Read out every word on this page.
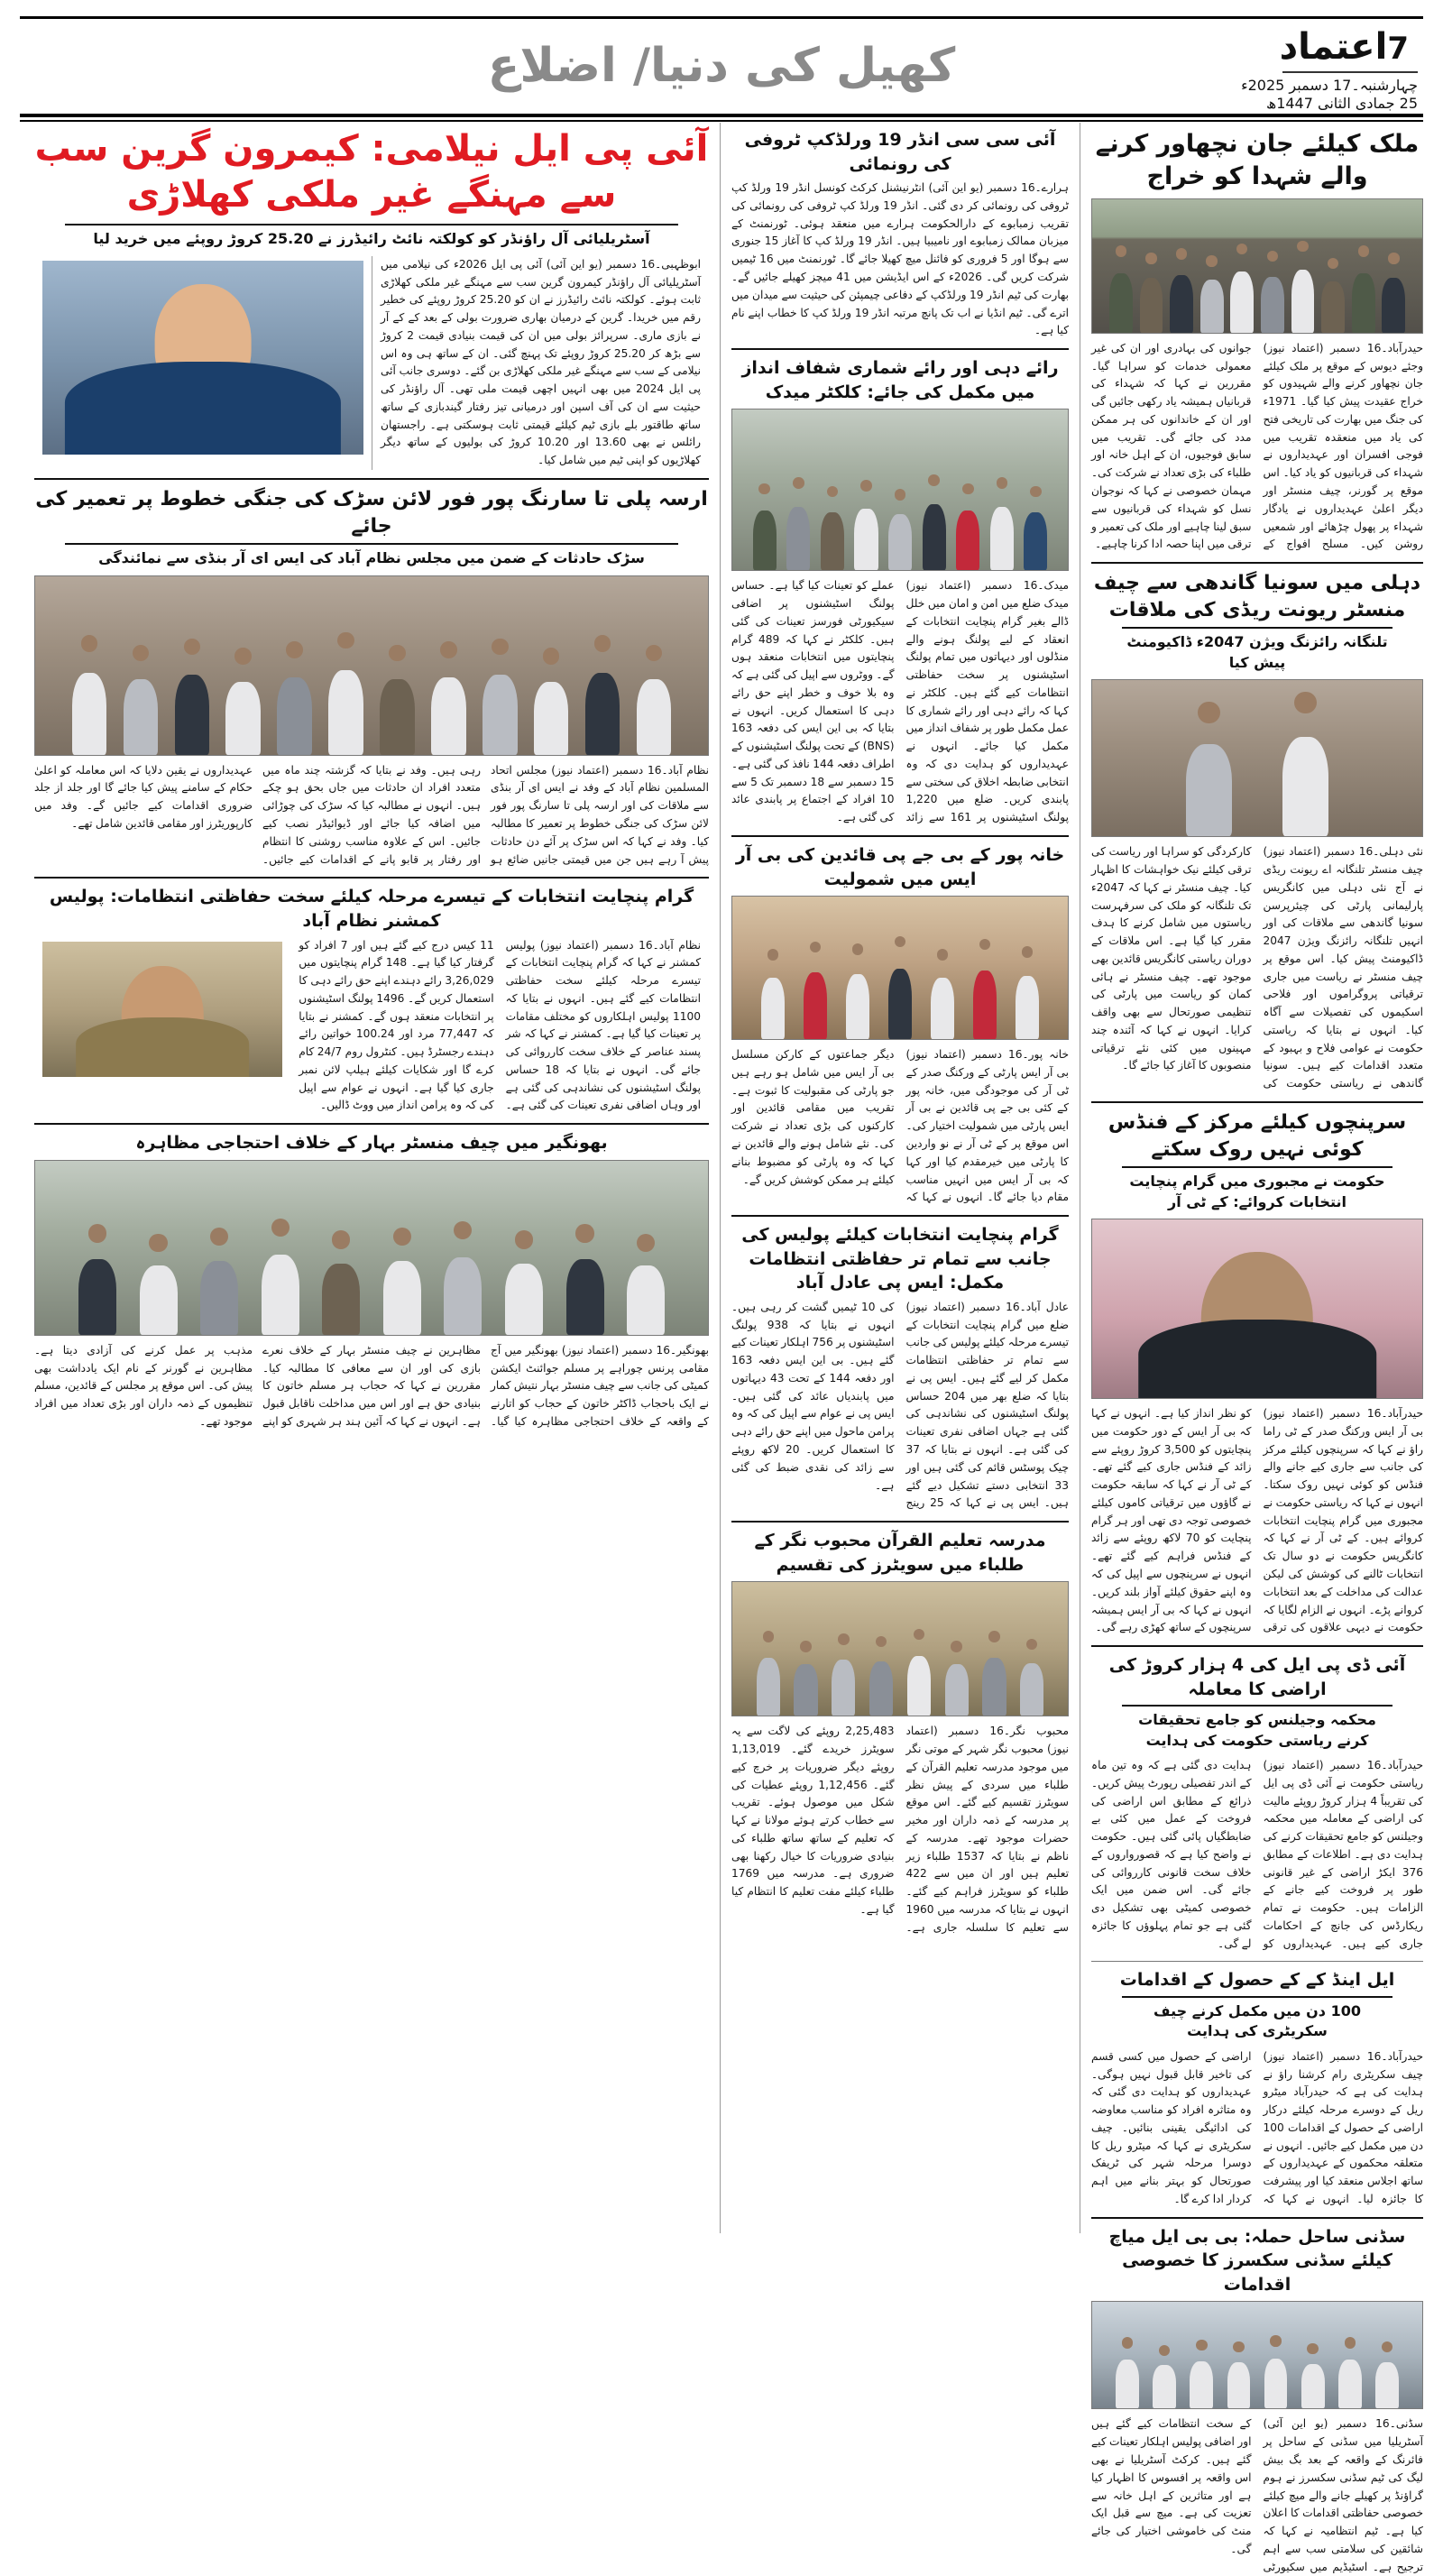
7اعتماد
چہارشنبہ۔17 دسمبر 2025ء
25 جمادی الثانی 1447ھ
کھیل کی دنیا/ اضلاع
ملک کیلئے جان نچھاور کرنے والے شہدا کو خراج
حیدرآباد۔16 دسمبر (اعتماد نیوز) وجئے دیوس کے موقع پر ملک کیلئے جان نچھاور کرنے والے شہیدوں کو خراج عقیدت پیش کیا گیا۔ 1971ء کی جنگ میں بھارت کی تاریخی فتح کی یاد میں منعقدہ تقریب میں فوجی افسران اور عہدیداروں نے شہداء کی قربانیوں کو یاد کیا۔ اس موقع پر گورنر، چیف منسٹر اور دیگر اعلیٰ عہدیداروں نے یادگار شہداء پر پھول چڑھائے اور شمعیں روشن کیں۔ مسلح افواج کے جوانوں کی بہادری اور ان کی غیر معمولی خدمات کو سراہا گیا۔ مقررین نے کہا کہ شہداء کی قربانیاں ہمیشہ یاد رکھی جائیں گی اور ان کے خاندانوں کی ہر ممکن مدد کی جائے گی۔ تقریب میں سابق فوجیوں، ان کے اہل خانہ اور طلباء کی بڑی تعداد نے شرکت کی۔ مہمان خصوصی نے کہا کہ نوجوان نسل کو شہداء کی قربانیوں سے سبق لینا چاہیے اور ملک کی تعمیر و ترقی میں اپنا حصہ ادا کرنا چاہیے۔
دہلی میں سونیا گاندھی سے چیف منسٹر ریونت ریڈی کی ملاقات
تلنگانہ رائزنگ ویژن 2047ء ڈاکیومنٹ پیش کیا
نئی دہلی۔16 دسمبر (اعتماد نیوز) چیف منسٹر تلنگانہ اے ریونت ریڈی نے آج نئی دہلی میں کانگریس پارلیمانی پارٹی کی چیئرپرسن سونیا گاندھی سے ملاقات کی اور انہیں تلنگانہ رائزنگ ویژن 2047 ڈاکیومنٹ پیش کیا۔ اس موقع پر چیف منسٹر نے ریاست میں جاری ترقیاتی پروگراموں اور فلاحی اسکیموں کی تفصیلات سے آگاہ کیا۔ انہوں نے بتایا کہ ریاستی حکومت نے عوامی فلاح و بہبود کے متعدد اقدامات کیے ہیں۔ سونیا گاندھی نے ریاستی حکومت کی کارکردگی کو سراہا اور ریاست کی ترقی کیلئے نیک خواہشات کا اظہار کیا۔ چیف منسٹر نے کہا کہ 2047ء تک تلنگانہ کو ملک کی سرفہرست ریاستوں میں شامل کرنے کا ہدف مقرر کیا گیا ہے۔ اس ملاقات کے دوران ریاستی کانگریس قائدین بھی موجود تھے۔ چیف منسٹر نے ہائی کمان کو ریاست میں پارٹی کی تنظیمی صورتحال سے بھی واقف کرایا۔ انہوں نے کہا کہ آئندہ چند مہینوں میں کئی نئے ترقیاتی منصوبوں کا آغاز کیا جائے گا۔
سرپنچوں کیلئے مرکز کے فنڈس کوئی نہیں روک سکتے
حکومت نے مجبوری میں گرام پنچایت انتخابات کروائے: کے ٹی آر
حیدرآباد۔16 دسمبر (اعتماد نیوز) بی آر ایس ورکنگ صدر کے ٹی راما راؤ نے کہا کہ سرپنچوں کیلئے مرکز کی جانب سے جاری کیے جانے والے فنڈس کو کوئی نہیں روک سکتا۔ انہوں نے کہا کہ ریاستی حکومت نے مجبوری میں گرام پنچایت انتخابات کروائے ہیں۔ کے ٹی آر نے کہا کہ کانگریس حکومت نے دو سال تک انتخابات ٹالنے کی کوشش کی لیکن عدالت کی مداخلت کے بعد انتخابات کروانے پڑے۔ انہوں نے الزام لگایا کہ حکومت نے دیہی علاقوں کی ترقی کو نظر انداز کیا ہے۔ انہوں نے کہا کہ بی آر ایس کے دور حکومت میں پنچایتوں کو 3,500 کروڑ روپئے سے زائد کے فنڈس جاری کیے گئے تھے۔ کے ٹی آر نے کہا کہ سابقہ حکومت نے گاؤوں میں ترقیاتی کاموں کیلئے خصوصی توجہ دی تھی اور ہر گرام پنچایت کو 70 لاکھ روپئے سے زائد کے فنڈس فراہم کیے گئے تھے۔ انہوں نے سرپنچوں سے اپیل کی کہ وہ اپنے حقوق کیلئے آواز بلند کریں۔ انہوں نے کہا کہ بی آر ایس ہمیشہ سرپنچوں کے ساتھ کھڑی رہے گی۔
آئی ڈی پی ایل کی 4 ہزار کروڑ کی اراضی کا معاملہ
محکمہ وجیلنس کو جامع تحقیقات کرنے ریاستی حکومت کی ہدایت
حیدرآباد۔16 دسمبر (اعتماد نیوز) ریاستی حکومت نے آئی ڈی پی ایل کی تقریباً 4 ہزار کروڑ روپئے مالیت کی اراضی کے معاملہ میں محکمہ وجیلنس کو جامع تحقیقات کرنے کی ہدایت دی ہے۔ اطلاعات کے مطابق 376 ایکڑ اراضی کے غیر قانونی طور پر فروخت کیے جانے کے الزامات ہیں۔ حکومت نے تمام ریکارڈس کی جانچ کے احکامات جاری کیے ہیں۔ عہدیداروں کو ہدایت دی گئی ہے کہ وہ تین ماہ کے اندر تفصیلی رپورٹ پیش کریں۔ ذرائع کے مطابق اس اراضی کی فروخت کے عمل میں کئی بے ضابطگیاں پائی گئی ہیں۔ حکومت نے واضح کیا ہے کہ قصورواروں کے خلاف سخت قانونی کارروائی کی جائے گی۔ اس ضمن میں ایک خصوصی کمیٹی بھی تشکیل دی گئی ہے جو تمام پہلوؤں کا جائزہ لے گی۔
ایل اینڈ کے کے حصول کے اقدامات
100 دن میں مکمل کرنے چیف سکریٹری کی ہدایت
حیدرآباد۔16 دسمبر (اعتماد نیوز) چیف سکریٹری رام کرشنا راؤ نے ہدایت کی ہے کہ حیدرآباد میٹرو ریل کے دوسرے مرحلہ کیلئے درکار اراضی کے حصول کے اقدامات 100 دن میں مکمل کیے جائیں۔ انہوں نے متعلقہ محکموں کے عہدیداروں کے ساتھ اجلاس منعقد کیا اور پیشرفت کا جائزہ لیا۔ انہوں نے کہا کہ اراضی کے حصول میں کسی قسم کی تاخیر قابل قبول نہیں ہوگی۔ عہدیداروں کو ہدایت دی گئی کہ وہ متاثرہ افراد کو مناسب معاوضہ کی ادائیگی یقینی بنائیں۔ چیف سکریٹری نے کہا کہ میٹرو ریل کا دوسرا مرحلہ شہر کی ٹریفک صورتحال کو بہتر بنانے میں اہم کردار ادا کرے گا۔
سڈنی ساحل حملہ: بی بی ایل میاچ کیلئے سڈنی سکسرز کا خصوصی اقدامات
سڈنی۔16 دسمبر (یو این آئی) آسٹریلیا میں سڈنی کے ساحل پر فائرنگ کے واقعہ کے بعد بگ بیش لیگ کی ٹیم سڈنی سکسرز نے ہوم گراؤنڈ پر کھیلے جانے والے میچ کیلئے خصوصی حفاظتی اقدامات کا اعلان کیا ہے۔ ٹیم انتظامیہ نے کہا کہ شائقین کی سلامتی سب سے اہم ترجیح ہے۔ اسٹیڈیم میں سکیورٹی کے سخت انتظامات کیے گئے ہیں اور اضافی پولیس اہلکار تعینات کیے گئے ہیں۔ کرکٹ آسٹریلیا نے بھی اس واقعہ پر افسوس کا اظہار کیا ہے اور متاثرین کے اہل خانہ سے تعزیت کی ہے۔ میچ سے قبل ایک منٹ کی خاموشی اختیار کی جائے گی۔
آئی سی سی انڈر 19 ورلڈکپ ٹروفی کی رونمائی
ہرارے۔16 دسمبر (یو این آئی) انٹرنیشنل کرکٹ کونسل انڈر 19 ورلڈ کپ ٹروفی کی رونمائی کر دی گئی۔ انڈر 19 ورلڈ کپ ٹروفی کی رونمائی کی تقریب زمبابوے کے دارالحکومت ہرارے میں منعقد ہوئی۔ ٹورنمنٹ کے میزبان ممالک زمبابوے اور نامیبیا ہیں۔ انڈر 19 ورلڈ کپ کا آغاز 15 جنوری سے ہوگا اور 5 فروری کو فائنل میچ کھیلا جائے گا۔ ٹورنمنٹ میں 16 ٹیمیں شرکت کریں گی۔ 2026ء کے اس ایڈیشن میں 41 میچز کھیلے جائیں گے۔ بھارت کی ٹیم انڈر 19 ورلڈکپ کے دفاعی چیمپئن کی حیثیت سے میدان میں اترے گی۔ ٹیم انڈیا نے اب تک پانچ مرتبہ انڈر 19 ورلڈ کپ کا خطاب اپنے نام کیا ہے۔
رائے دہی اور رائے شماری شفاف انداز میں مکمل کی جائے: کلکٹر میدک
میدک۔16 دسمبر (اعتماد نیوز) میدک ضلع میں امن و امان میں خلل ڈالے بغیر گرام پنچایت انتخابات کے انعقاد کے لیے پولنگ ہونے والے منڈلوں اور دیہاتوں میں تمام پولنگ اسٹیشنوں پر سخت حفاظتی انتظامات کیے گئے ہیں۔ کلکٹر نے کہا کہ رائے دہی اور رائے شماری کا عمل مکمل طور پر شفاف انداز میں مکمل کیا جائے۔ انہوں نے عہدیداروں کو ہدایت دی کہ وہ انتخابی ضابطہ اخلاق کی سختی سے پابندی کریں۔ ضلع میں 1,220 پولنگ اسٹیشنوں پر 161 سے زائد عملے کو تعینات کیا گیا ہے۔ حساس پولنگ اسٹیشنوں پر اضافی سیکیورٹی فورسز تعینات کی گئی ہیں۔ کلکٹر نے کہا کہ 489 گرام پنچایتوں میں انتخابات منعقد ہوں گے۔ ووٹروں سے اپیل کی گئی ہے کہ وہ بلا خوف و خطر اپنے حق رائے دہی کا استعمال کریں۔ انہوں نے بتایا کہ بی این ایس کی دفعہ 163 (BNS) کے تحت پولنگ اسٹیشنوں کے اطراف دفعہ 144 نافذ کی گئی ہے۔ 15 دسمبر سے 18 دسمبر تک 5 سے 10 افراد کے اجتماع پر پابندی عائد کی گئی ہے۔
خانہ پور کے بی جے پی قائدین کی بی آر ایس میں شمولیت
خانہ پور۔16 دسمبر (اعتماد نیوز) بی آر ایس پارٹی کے ورکنگ صدر کے ٹی آر کی موجودگی میں، خانہ پور کے کئی بی جے پی قائدین نے بی آر ایس پارٹی میں شمولیت اختیار کی۔ اس موقع پر کے ٹی آر نے نو واردین کا پارٹی میں خیرمقدم کیا اور کہا کہ بی آر ایس میں انہیں مناسب مقام دیا جائے گا۔ انہوں نے کہا کہ دیگر جماعتوں کے کارکن مسلسل بی آر ایس میں شامل ہو رہے ہیں جو پارٹی کی مقبولیت کا ثبوت ہے۔ تقریب میں مقامی قائدین اور کارکنوں کی بڑی تعداد نے شرکت کی۔ نئے شامل ہونے والے قائدین نے کہا کہ وہ پارٹی کو مضبوط بنانے کیلئے ہر ممکن کوشش کریں گے۔
گرام پنچایت انتخابات کیلئے پولیس کی جانب سے تمام تر حفاظتی انتظامات مکمل: ایس پی عادل آباد
عادل آباد۔16 دسمبر (اعتماد نیوز) ضلع میں گرام پنچایت انتخابات کے تیسرے مرحلہ کیلئے پولیس کی جانب سے تمام تر حفاظتی انتظامات مکمل کر لیے گئے ہیں۔ ایس پی نے بتایا کہ ضلع بھر میں 204 حساس پولنگ اسٹیشنوں کی نشاندہی کی گئی ہے جہاں اضافی نفری تعینات کی گئی ہے۔ انہوں نے بتایا کہ 37 چیک پوسٹس قائم کی گئی ہیں اور 33 انتخابی دستے تشکیل دیے گئے ہیں۔ ایس پی نے کہا کہ 25 رینج کی 10 ٹیمیں گشت کر رہی ہیں۔ انہوں نے بتایا کہ 938 پولنگ اسٹیشنوں پر 756 اہلکار تعینات کیے گئے ہیں۔ بی این ایس دفعہ 163 اور دفعہ 144 کے تحت 43 دیہاتوں میں پابندیاں عائد کی گئی ہیں۔ ایس پی نے عوام سے اپیل کی کہ وہ پرامن ماحول میں اپنے حق رائے دہی کا استعمال کریں۔ 20 لاکھ روپئے سے زائد کی نقدی ضبط کی گئی ہے۔
مدرسہ تعلیم القرآن محبوب نگر کے طلباء میں سویٹرز کی تقسیم
محبوب نگر۔16 دسمبر (اعتماد نیوز) محبوب نگر شہر کے موتی نگر میں موجود مدرسہ تعلیم القرآن کے طلباء میں سردی کے پیش نظر سویٹرز تقسیم کیے گئے۔ اس موقع پر مدرسہ کے ذمہ داران اور مخیر حضرات موجود تھے۔ مدرسہ کے ناظم نے بتایا کہ 1537 طلباء زیر تعلیم ہیں اور ان میں سے 422 طلباء کو سویٹرز فراہم کیے گئے۔ انہوں نے بتایا کہ مدرسہ میں 1960 سے تعلیم کا سلسلہ جاری ہے۔ 2,25,483 روپئے کی لاگت سے یہ سویٹرز خریدے گئے۔ 1,13,019 روپئے دیگر ضروریات پر خرچ کیے گئے۔ 1,12,456 روپئے عطیات کی شکل میں موصول ہوئے۔ تقریب سے خطاب کرتے ہوئے مولانا نے کہا کہ تعلیم کے ساتھ ساتھ طلباء کی بنیادی ضروریات کا خیال رکھنا بھی ضروری ہے۔ مدرسہ میں 1769 طلباء کیلئے مفت تعلیم کا انتظام کیا گیا ہے۔
آئی پی ایل نیلامی: کیمرون گرین سب سے مہنگے غیر ملکی کھلاڑی
آسٹریلیائی آل راؤنڈر کو کولکتہ نائٹ رائیڈرز نے 25.20 کروڑ روپئے میں خرید لیا
ابوظہبی۔16 دسمبر (یو این آئی) آئی پی ایل 2026ء کی نیلامی میں آسٹریلیائی آل راؤنڈر کیمرون گرین سب سے مہنگے غیر ملکی کھلاڑی ثابت ہوئے۔ کولکتہ نائٹ رائیڈرز نے ان کو 25.20 کروڑ روپئے کی خطیر رقم میں خریدا۔ گرین کے درمیان بھاری ضرورت بولی کے بعد کے کے آر نے بازی ماری۔ سرپرائز بولی میں ان کی قیمت بنیادی قیمت 2 کروڑ سے بڑھ کر 25.20 کروڑ روپئے تک پہنچ گئی۔ ان کے ساتھ ہی وہ اس نیلامی کے سب سے مہنگے غیر ملکی کھلاڑی بن گئے۔ دوسری جانب آئی پی ایل 2024 میں بھی انہیں اچھی قیمت ملی تھی۔ آل راؤنڈر کی حیثیت سے ان کی آف اسپن اور درمیانی تیز رفتار گیندبازی کے ساتھ ساتھ طاقتور بلے بازی ٹیم کیلئے قیمتی ثابت ہوسکتی ہے۔ راجستھان رائلس نے بھی 13.60 اور 10.20 کروڑ کی بولیوں کے ساتھ دیگر کھلاڑیوں کو اپنی ٹیم میں شامل کیا۔
ارسہ پلی تا سارنگ پور فور لائن سڑک کی جنگی خطوط پر تعمیر کی جائے
سڑک حادثات کے ضمن میں مجلس نظام آباد کی ایس ای آر بنڈی سے نمائندگی
نظام آباد۔16 دسمبر (اعتماد نیوز) مجلس اتحاد المسلمین نظام آباد کے وفد نے ایس ای آر بنڈی سے ملاقات کی اور ارسہ پلی تا سارنگ پور فور لائن سڑک کی جنگی خطوط پر تعمیر کا مطالبہ کیا۔ وفد نے کہا کہ اس سڑک پر آئے دن حادثات پیش آ رہے ہیں جن میں قیمتی جانیں ضائع ہو رہی ہیں۔ وفد نے بتایا کہ گزشتہ چند ماہ میں متعدد افراد ان حادثات میں جاں بحق ہو چکے ہیں۔ انہوں نے مطالبہ کیا کہ سڑک کی چوڑائی میں اضافہ کیا جائے اور ڈیوائیڈر نصب کیے جائیں۔ اس کے علاوہ مناسب روشنی کا انتظام اور رفتار پر قابو پانے کے اقدامات کیے جائیں۔ عہدیداروں نے یقین دلایا کہ اس معاملہ کو اعلیٰ حکام کے سامنے پیش کیا جائے گا اور جلد از جلد ضروری اقدامات کیے جائیں گے۔ وفد میں کارپوریٹرز اور مقامی قائدین شامل تھے۔
گرام پنچایت انتخابات کے تیسرے مرحلہ کیلئے سخت حفاظتی انتظامات: پولیس کمشنر نظام آباد
نظام آباد۔16 دسمبر (اعتماد نیوز) پولیس کمشنر نے کہا کہ گرام پنچایت انتخابات کے تیسرے مرحلہ کیلئے سخت حفاظتی انتظامات کیے گئے ہیں۔ انہوں نے بتایا کہ 1100 پولیس اہلکاروں کو مختلف مقامات پر تعینات کیا گیا ہے۔ کمشنر نے کہا کہ شر پسند عناصر کے خلاف سخت کارروائی کی جائے گی۔ انہوں نے بتایا کہ 18 حساس پولنگ اسٹیشنوں کی نشاندہی کی گئی ہے اور وہاں اضافی نفری تعینات کی گئی ہے۔ 11 کیس درج کیے گئے ہیں اور 7 افراد کو گرفتار کیا گیا ہے۔ 148 گرام پنچایتوں میں 3,26,029 رائے دہندے اپنے حق رائے دہی کا استعمال کریں گے۔ 1496 پولنگ اسٹیشنوں پر انتخابات منعقد ہوں گے۔ کمشنر نے بتایا کہ 77,447 مرد اور 100.24 خواتین رائے دہندے رجسٹرڈ ہیں۔ کنٹرول روم 24/7 کام کرے گا اور شکایات کیلئے ہیلپ لائن نمبر جاری کیا گیا ہے۔ انہوں نے عوام سے اپیل کی کہ وہ پرامن انداز میں ووٹ ڈالیں۔
بھونگیر میں چیف منسٹر بہار کے خلاف احتجاجی مظاہرہ
بھونگیر۔16 دسمبر (اعتماد نیوز) بھونگیر میں آج مقامی پرنس چوراہے پر مسلم جوائنٹ ایکشن کمیٹی کی جانب سے چیف منسٹر بہار نتیش کمار نے ایک باحجاب ڈاکٹر خاتون کے حجاب کو اتارنے کے واقعہ کے خلاف احتجاجی مظاہرہ کیا گیا۔ مظاہرین نے چیف منسٹر بہار کے خلاف نعرے بازی کی اور ان سے معافی کا مطالبہ کیا۔ مقررین نے کہا کہ حجاب ہر مسلم خاتون کا بنیادی حق ہے اور اس میں مداخلت ناقابل قبول ہے۔ انہوں نے کہا کہ آئین ہند ہر شہری کو اپنے مذہب پر عمل کرنے کی آزادی دیتا ہے۔ مظاہرین نے گورنر کے نام ایک یادداشت بھی پیش کی۔ اس موقع پر مجلس کے قائدین، مسلم تنظیموں کے ذمہ داران اور بڑی تعداد میں افراد موجود تھے۔
